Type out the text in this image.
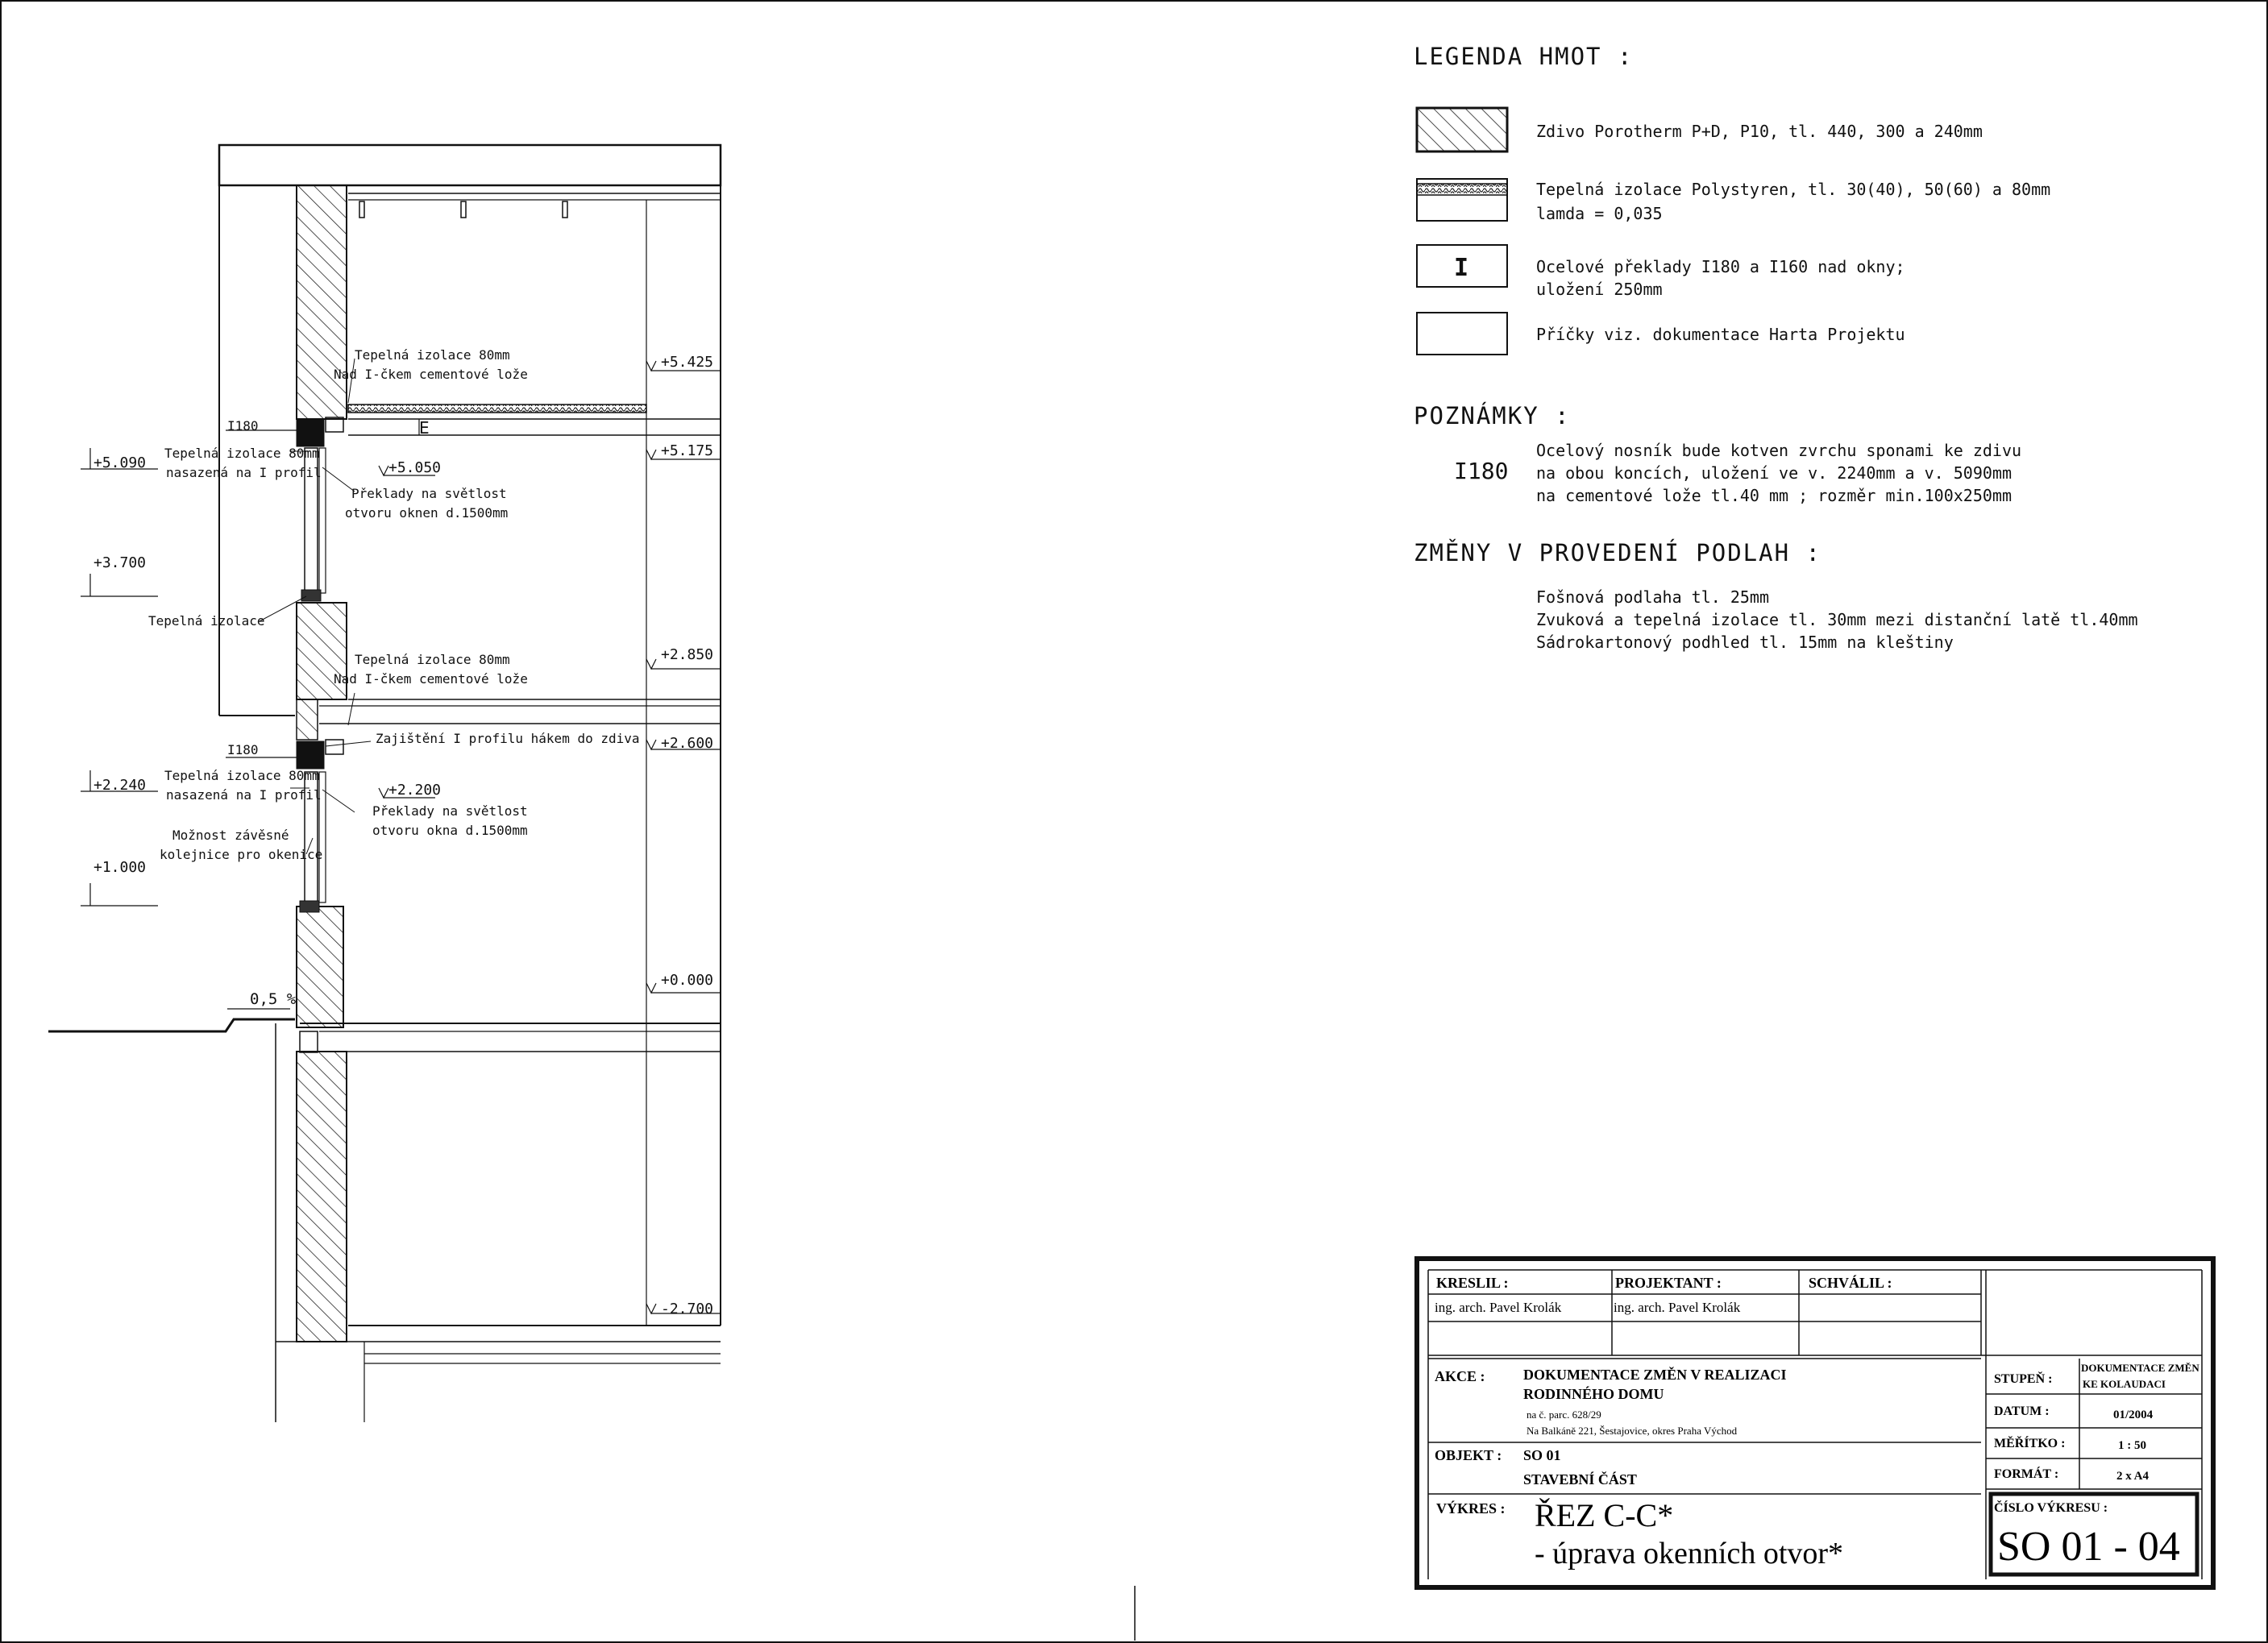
+5.425
+5.175
+2.850
+2.600
+0.000
-2.700
+5.050
+2.200
+5.090
+3.700
+2.240
+1.000
I180
I180
0,5 %
E
Tepelná izolace 80mm
Nad I-čkem cementové lože
Překlady na světlost
otvoru oknen d.1500mm
Tepelná izolace 80mm
nasazená na I profil
Tepelná izolace
Tepelná izolace 80mm
Nad I-čkem cementové lože
Zajištění I profilu hákem do zdiva
Tepelná izolace 80mm
nasazená na I profil
Překlady na světlost
otvoru okna d.1500mm
Možnost závěsné
kolejnice pro okenice
LEGENDA HMOT :
Zdivo Porotherm P+D, P10, tl. 440, 300 a 240mm
Tepelná izolace Polystyren, tl. 30(40), 50(60) a 80mm
lamda = 0,035
I	Ocelové překlady I180 a I160 nad okny;
uložení 250mm
Příčky viz. dokumentace Harta Projektu
POZNÁMKY :
I180
Ocelový nosník bude kotven zvrchu sponami ke zdivu
na obou koncích, uložení ve v. 2240mm a v. 5090mm
na cementové lože tl.40 mm ; rozměr min.100x250mm
ZMĚNY V PROVEDENÍ PODLAH :
Fošnová podlaha tl. 25mm
Zvuková a tepelná izolace tl. 30mm mezi distanční latě tl.40mm
Sádrokartonový podhled tl. 15mm na kleštiny
KRESLIL :
ing. arch. Pavel Krolák
PROJEKTANT :
ing. arch. Pavel Krolák
SCHVÁLIL :
AKCE :	DOKUMENTACE ZMĚN V REALIZACI
RODINNÉHO DOMU
na č. parc. 628/29
Na Balkáně 221, Šestajovice, okres Praha Východ
OBJEKT : SO 01
STAVEBNÍ ČÁST
VÝKRES : ŘEZ C-C*
- úprava okenních otvor*
STUPEŇ :
DOKUMENTACE ZMĚN
KE KOLAUDACI
DATUM :	01/2004
MĚŘÍTKO :	1 : 50
FORMÁT :	2 x A4
ČÍSLO VÝKRESU :
SO 01 - 04
